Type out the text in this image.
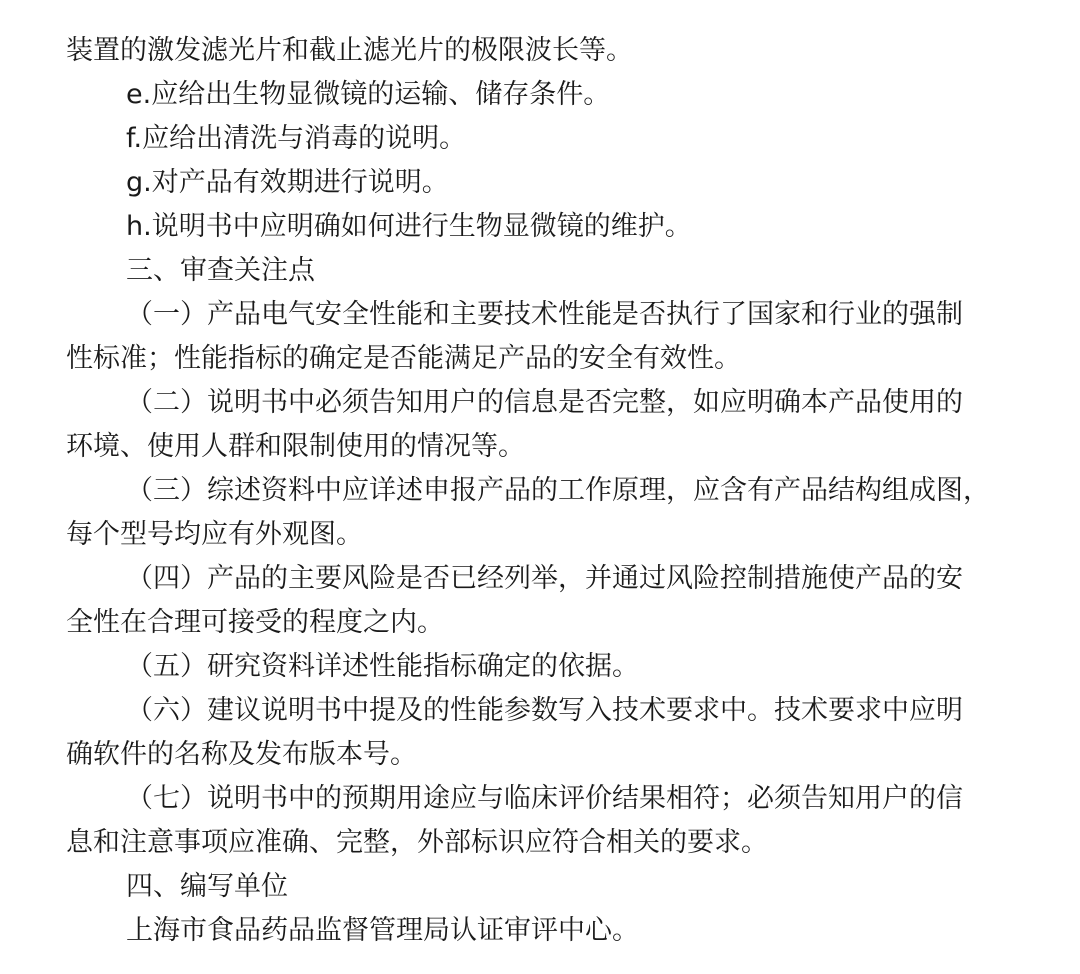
装置的激发滤光片和截止滤光片的极限波长等。
e.应给出生物显微镜的运输、储存条件。
f.应给出清洗与消毒的说明。
g.对产品有效期进行说明。
h.说明书中应明确如何进行生物显微镜的维护。
三、审查关注点
（一）产品电气安全性能和主要技术性能是否执行了国家和行业的强制
性标准；性能指标的确定是否能满足产品的安全有效性。
（二）说明书中必须告知用户的信息是否完整，如应明确本产品使用的
环境、使用人群和限制使用的情况等。
（三）综述资料中应详述申报产品的工作原理，应含有产品结构组成图，
每个型号均应有外观图。
（四）产品的主要风险是否已经列举，并通过风险控制措施使产品的安
全性在合理可接受的程度之内。
（五）研究资料详述性能指标确定的依据。
（六）建议说明书中提及的性能参数写入技术要求中。技术要求中应明
确软件的名称及发布版本号。
（七）说明书中的预期用途应与临床评价结果相符；必须告知用户的信
息和注意事项应准确、完整，外部标识应符合相关的要求。
四、编写单位
上海市食品药品监督管理局认证审评中心。
